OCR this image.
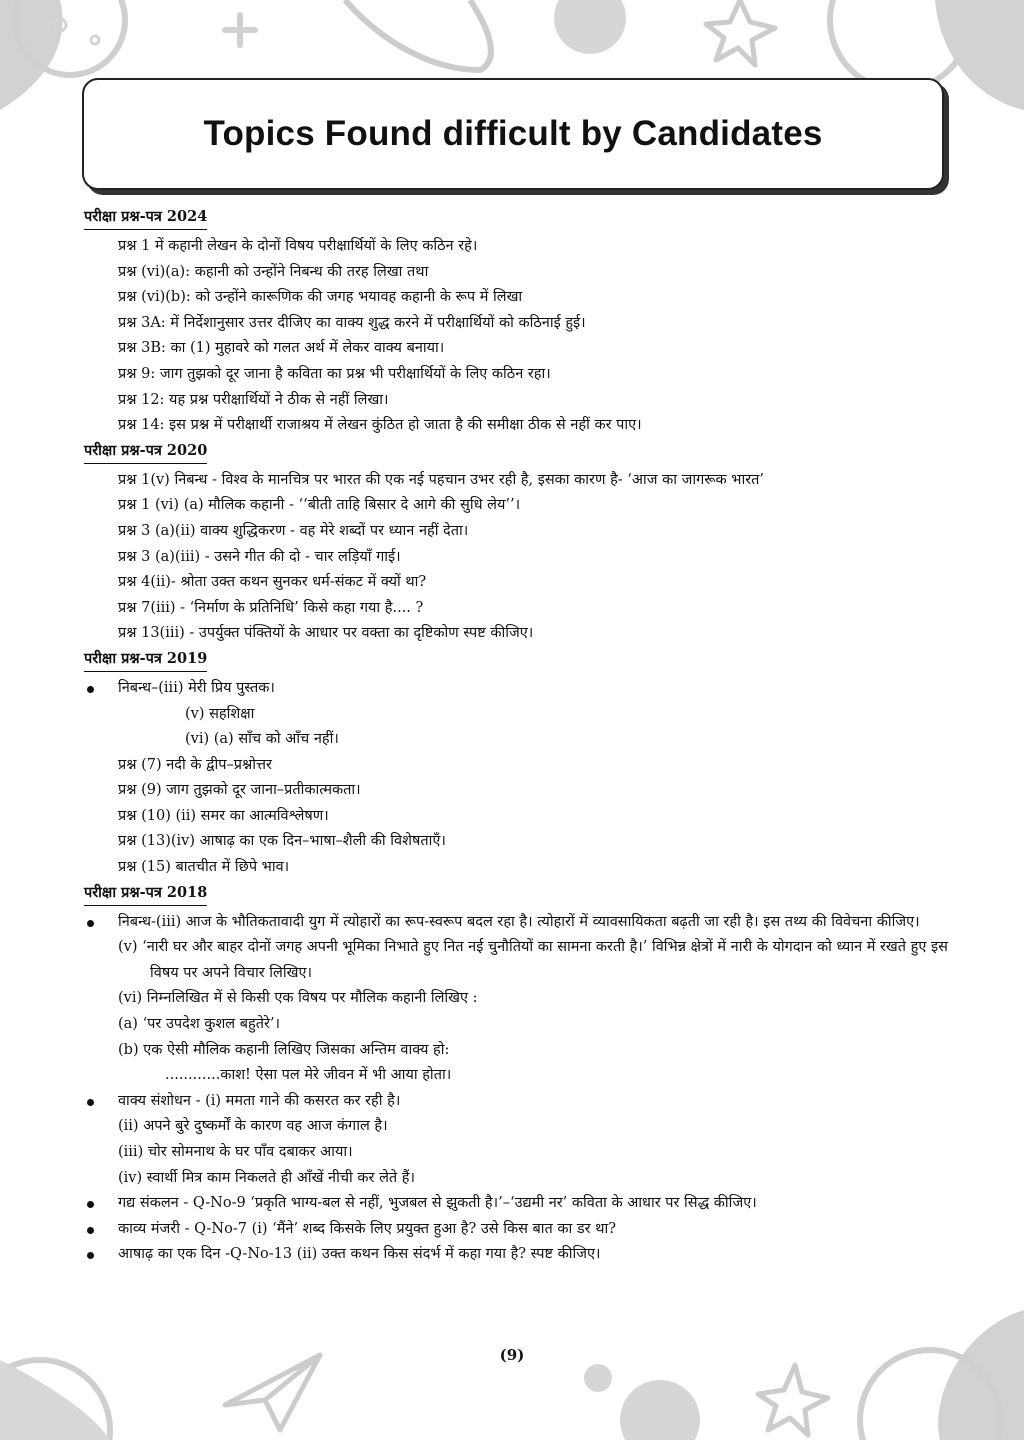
Topics Found difficult by Candidates
परीक्षा प्रश्न-पत्र 2024
प्रश्न 1 में कहानी लेखन के दोनों विषय परीक्षार्थियों के लिए कठिन रहे।
प्रश्न (vi)(a): कहानी को उन्होंने निबन्ध की तरह लिखा तथा
प्रश्न (vi)(b): को उन्होंने कारूणिक की जगह भयावह कहानी के रूप में लिखा
प्रश्न 3A: में निर्देशानुसार उत्तर दीजिए का वाक्य शुद्ध करने में परीक्षार्थियों को कठिनाई हुई।
प्रश्न 3B: का (1) मुहावरे को गलत अर्थ में लेकर वाक्य बनाया।
प्रश्न 9: जाग तुझको दूर जाना है कविता का प्रश्न भी परीक्षार्थियों के लिए कठिन रहा।
प्रश्न 12: यह प्रश्न परीक्षार्थियों ने ठीक से नहीं लिखा।
प्रश्न 14: इस प्रश्न में परीक्षार्थी राजाश्रय में लेखन कुंठित हो जाता है की समीक्षा ठीक से नहीं कर पाए।
परीक्षा प्रश्न-पत्र 2020
प्रश्न 1(v) निबन्ध - विश्व के मानचित्र पर भारत की एक नई पहचान उभर रही है, इसका कारण है- ‘आज का जागरूक भारत’
प्रश्न 1 (vi) (a) मौलिक कहानी - ‘‘बीती ताहि बिसार दे आगे की सुधि लेय’’।
प्रश्न 3 (a)(ii) वाक्य शुद्धिकरण - वह मेरे शब्दों पर ध्यान नहीं देता।
प्रश्न 3 (a)(iii) - उसने गीत की दो - चार लड़ियाँ गाई।
प्रश्न 4(ii)- श्रोता उक्त कथन सुनकर धर्म-संकट में क्यों था?
प्रश्न 7(iii) - ‘निर्माण के प्रतिनिधि’ किसे कहा गया है.... ?
प्रश्न 13(iii) - उपर्युक्त पंक्तियों के आधार पर वक्ता का दृष्टिकोण स्पष्ट कीजिए।
परीक्षा प्रश्न-पत्र 2019
निबन्ध–(iii) मेरी प्रिय पुस्तक।
(v) सहशिक्षा
(vi) (a) साँच को आँच नहीं।
प्रश्न (7) नदी के द्वीप–प्रश्नोत्तर
प्रश्न (9) जाग तुझको दूर जाना–प्रतीकात्मकता।
प्रश्न (10) (ii) समर का आत्मविश्लेषण।
प्रश्न (13)(iv) आषाढ़ का एक दिन–भाषा–शैली की विशेषताएँ।
प्रश्न (15) बातचीत में छिपे भाव।
परीक्षा प्रश्न-पत्र 2018
निबन्ध-(iii) आज के भौतिकतावादी युग में त्योहारों का रूप-स्वरूप बदल रहा है। त्योहारों में व्यावसायिकता बढ़ती जा रही है। इस तथ्य की विवेचना कीजिए।
(v) ‘नारी घर और बाहर दोनों जगह अपनी भूमिका निभाते हुए नित नई चुनौतियों का सामना करती है।’ विभिन्न क्षेत्रों में नारी के योगदान को ध्यान में रखते हुए इस विषय पर अपने विचार लिखिए।
(vi) निम्नलिखित में से किसी एक विषय पर मौलिक कहानी लिखिए :
(a) ‘पर उपदेश कुशल बहुतेरे’।
(b) एक ऐसी मौलिक कहानी लिखिए जिसका अन्तिम वाक्य हो:
............काश! ऐसा पल मेरे जीवन में भी आया होता।
वाक्य संशोधन - (i) ममता गाने की कसरत कर रही है।
(ii) अपने बुरे दुष्कर्मों के कारण वह आज कंगाल है।
(iii) चोर सोमनाथ के घर पाँव दबाकर आया।
(iv) स्वार्थी मित्र काम निकलते ही आँखें नीची कर लेते हैं।
गद्य संकलन - Q-No-9 ‘प्रकृति भाग्य-बल से नहीं, भुजबल से झुकती है।’–‘उद्यमी नर’ कविता के आधार पर सिद्ध कीजिए।
काव्य मंजरी - Q-No-7 (i) ‘मैंने’ शब्द किसके लिए प्रयुक्त हुआ है? उसे किस बात का डर था?
आषाढ़ का एक दिन -Q-No-13 (ii) उक्त कथन किस संदर्भ में कहा गया है? स्पष्ट कीजिए।
(9)
